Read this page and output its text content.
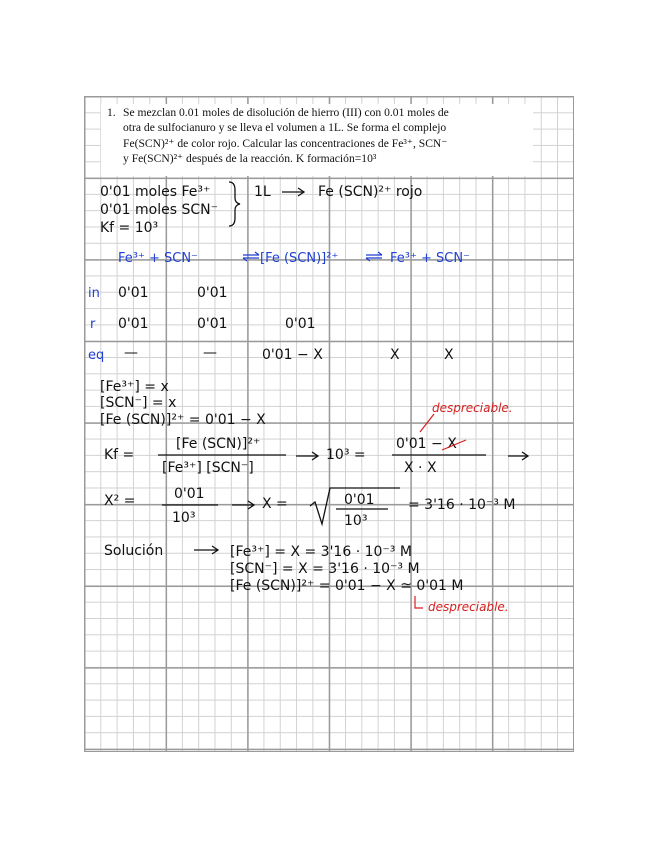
1. Se mezclan 0.01 moles de disolución de hierro (III) con 0.01 moles de
otra de sulfocianuro y se lleva el volumen a 1L. Se forma el complejo
Fe(SCN)²⁺ de color rojo. Calcular las concentraciones de Fe³⁺, SCN⁻
y Fe(SCN)²⁺ después de la reacción. K formación=10³
0'01 moles Fe³⁺
0'01 moles SCN⁻
Kf = 10³
1L	Fe (SCN)²⁺ rojo
Fe³⁺ + SCN⁻	[Fe (SCN)]²⁺	Fe³⁺ + SCN⁻
in 0'01	0'01
r 0'01	0'01	0'01
eq —	—	0'01 − X	X	X
[Fe³⁺] = x
[SCN⁻] = x
[Fe (SCN)]²⁺ = 0'01 − X
despreciable.
Kf =
[Fe (SCN)]²⁺
[Fe³⁺] [SCN⁻]
10³ =
0'01 − X
X · X
X² =	0'01
10³
X =	0'01
10³
= 3'16 · 10⁻³ M
Solución	[Fe³⁺] = X = 3'16 · 10⁻³ M
[SCN⁻] = X = 3'16 · 10⁻³ M
[Fe (SCN)]²⁺ = 0'01 − X ≃ 0'01 M
despreciable.
